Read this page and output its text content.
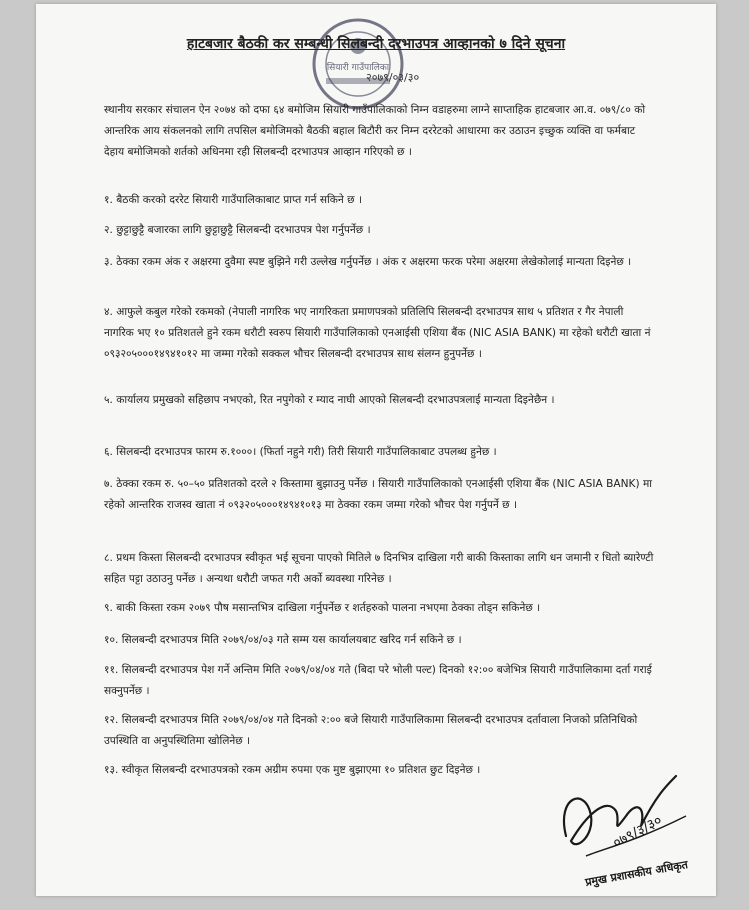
सियारी गाउँपालिका
हाटबजार बैठकी कर सम्बन्धी सिलबन्दी दरभाउपत्र आव्हानको ७ दिने सूचना
२०७९/०३/३०

स्थानीय सरकार संचालन ऐन २०७४ को दफा ६४ बमोजिम सियारी गाउँपालिकाको निम्न वडाहरुमा लाग्ने साप्ताहिक हाटबजार आ.व. ०७९/८० को आन्तरिक आय संकलनको लागि तपसिल बमोजिमको बैठकी बहाल बिटौरी कर निम्न दररेटको आधारमा कर उठाउन इच्छुक व्यक्ति वा फर्मबाट देहाय बमोजिमको शर्तको अधिनमा रही सिलबन्दी दरभाउपत्र आव्हान गरिएको छ ।

१. बैठकी करको दररेट सियारी गाउँपालिकाबाट प्राप्त गर्न सकिने छ ।

२. छुट्टाछुट्टै बजारका लागि छुट्टाछुट्टै सिलबन्दी दरभाउपत्र पेश गर्नुपर्नेछ ।

३. ठेक्का रकम अंक र अक्षरमा दुवैमा स्पष्ट बुझिने गरी उल्लेख गर्नुपर्नेछ । अंक र अक्षरमा फरक परेमा अक्षरमा लेखेकोलाई मान्यता दिइनेछ ।

४. आफुले कबुल गरेको रकमको (नेपाली नागरिक भए नागरिकता प्रमाणपत्रको प्रतिलिपि सिलबन्दी दरभाउपत्र साथ ५ प्रतिशत र गैर नेपाली नागरिक भए १० प्रतिशतले हुने रकम धरौटी स्वरुप सियारी गाउँपालिकाको एनआईसी एशिया बैंक (NIC ASIA BANK) मा रहेको धरौटी खाता नं ०९३२०५०००१४९४१०१२ मा जम्मा गरेको सक्कल भौचर सिलबन्दी दरभाउपत्र साथ संलग्न हुनुपर्नेछ ।

५. कार्यालय प्रमुखको सहिछाप नभएको, रित नपुगेको र म्याद नाघी आएको सिलबन्दी दरभाउपत्रलाई मान्यता दिइनेछैन ।

६. सिलबन्दी दरभाउपत्र फारम रु.१०००। (फिर्ता नहुने गरी) तिरी सियारी गाउँपालिकाबाट उपलब्ध हुनेछ ।

७. ठेक्का रकम रु. ५०–५० प्रतिशतको दरले २ किस्तामा बुझाउनु पर्नेछ । सियारी गाउँपालिकाको एनआईसी एशिया बैंक (NIC ASIA BANK) मा रहेको आन्तरिक राजस्व खाता नं ०९३२०५०००१४९४१०१३ मा ठेक्का रकम जम्मा गरेको भौचर पेश गर्नुपर्ने छ ।

८. प्रथम किस्ता सिलबन्दी दरभाउपत्र स्वीकृत भई सूचना पाएको मितिले ७ दिनभित्र दाखिला गरी बाकी किस्ताका लागि धन जमानी र धितो ब्यारेण्टी सहित पट्टा उठाउनु पर्नेछ । अन्यथा धरौटी जफत गरी अर्को ब्यवस्था गरिनेछ ।

९. बाकी किस्ता रकम २०७९ पौष मसान्तभित्र दाखिला गर्नुपर्नेछ र शर्तहरुको पालना नभएमा ठेक्का तोड्न सकिनेछ ।

१०. सिलबन्दी दरभाउपत्र मिति २०७९/०४/०३ गते सम्म यस कार्यालयबाट खरिद गर्न सकिने छ ।

११. सिलबन्दी दरभाउपत्र पेश गर्ने अन्तिम मिति २०७९/०४/०४ गते (बिदा परे भोली पल्ट) दिनको १२:०० बजेभित्र सियारी गाउँपालिकामा दर्ता गराई सक्नुपर्नेछ ।

१२. सिलबन्दी दरभाउपत्र मिति २०७९/०४/०४ गते दिनको २:०० बजे सियारी गाउँपालिकामा सिलबन्दी दरभाउपत्र दर्तावाला निजको प्रतिनिधिको उपस्थिति वा अनुपस्थितिमा खोलिनेछ ।

१३. स्वीकृत सिलबन्दी दरभाउपत्रको रकम अग्रीम रुपमा एक मुष्ट बुझाएमा १० प्रतिशत छुट दिइनेछ ।

०७९/३/३०
प्रमुख प्रशासकीय अधिकृत
